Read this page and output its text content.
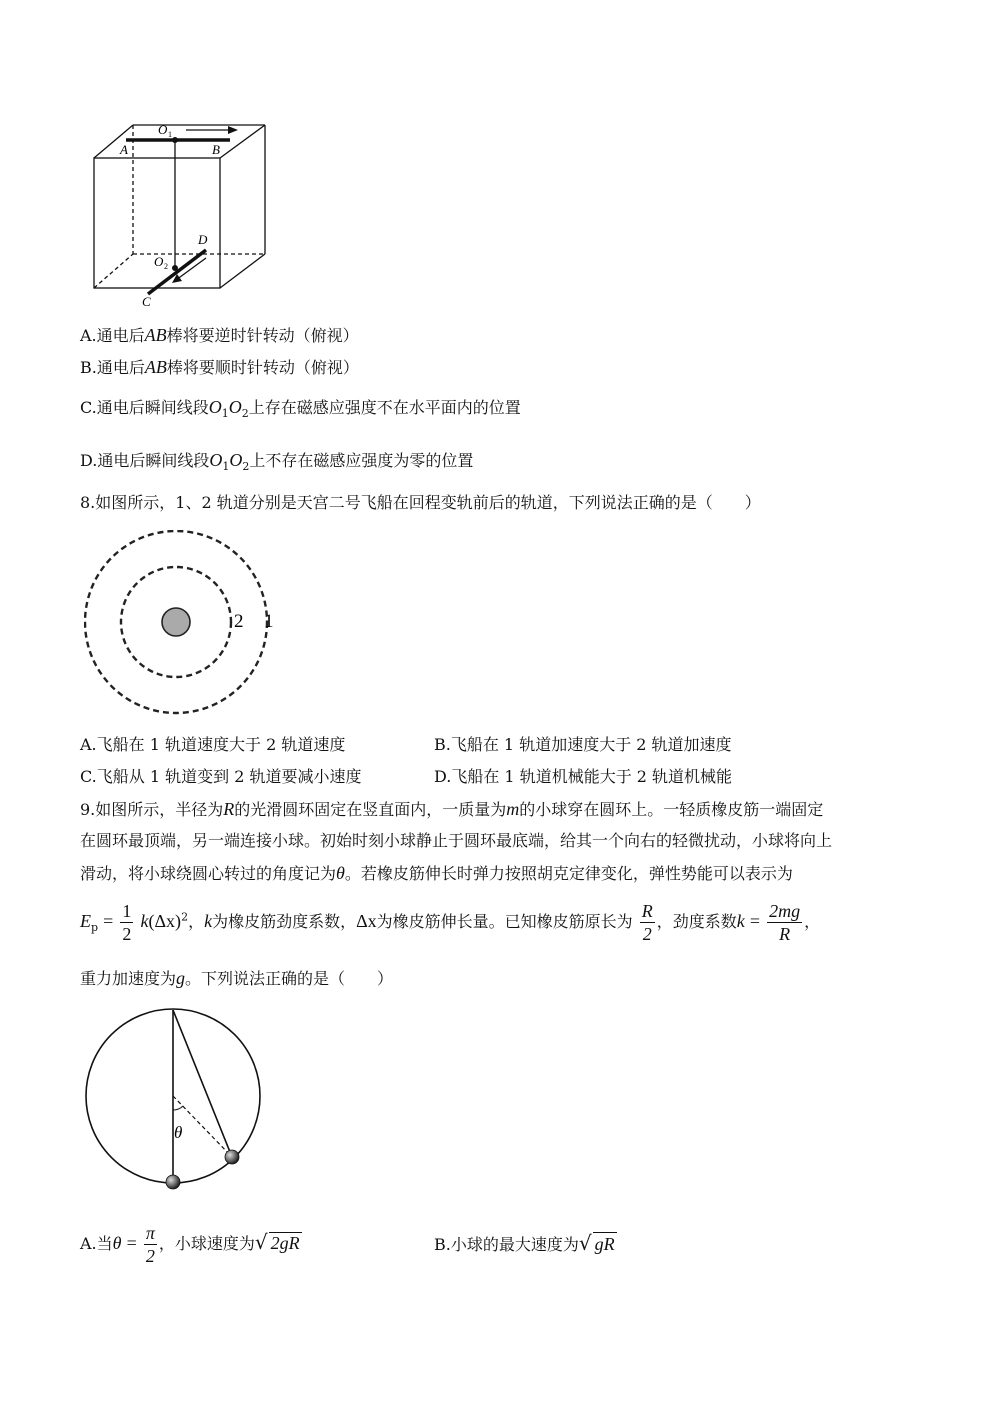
A	B
O 1
O 2
D
C
A.通电后AB棒将要逆时针转动（俯视）
B.通电后AB棒将要顺时针转动（俯视）
C.通电后瞬间线段$O_1O_2$上存在磁感应强度不在水平面内的位置
D.通电后瞬间线段$O_1O_2$上不存在磁感应强度为零的位置
8.如图所示，1、2 轨道分别是天宫二号飞船在回程变轨前后的轨道，下列说法正确的是（　　）
2 1
A.飞船在 1 轨道速度大于 2 轨道速度	B.飞船在 1 轨道加速度大于 2 轨道加速度
C.飞船从 1 轨道变到 2 轨道要减小速度	D.飞船在 1 轨道机械能大于 2 轨道机械能
9.如图所示，半径为R的光滑圆环固定在竖直面内，一质量为m的小球穿在圆环上。一轻质橡皮筋一端固定
在圆环最顶端，另一端连接小球。初始时刻小球静止于圆环最底端，给其一个向右的轻微扰动，小球将向上
滑动，将小球绕圆心转过的角度记为θ。若橡皮筋伸长时弹力按照胡克定律变化，弹性势能可以表示为
$E_p = \frac{1}{2} k(\Delta x)^2$，k为橡皮筋劲度系数，Δx为橡皮筋伸长量。已知橡皮筋原长为 $\frac{R}{2}$ ，劲度系数$k = \frac{2mg}{R}$ ，
重力加速度为g。下列说法正确的是（　　）
θ
A.当$\theta = \frac{\pi}{2}$ ，小球速度为√ 2gR	B.小球的最大速度为√ gR
